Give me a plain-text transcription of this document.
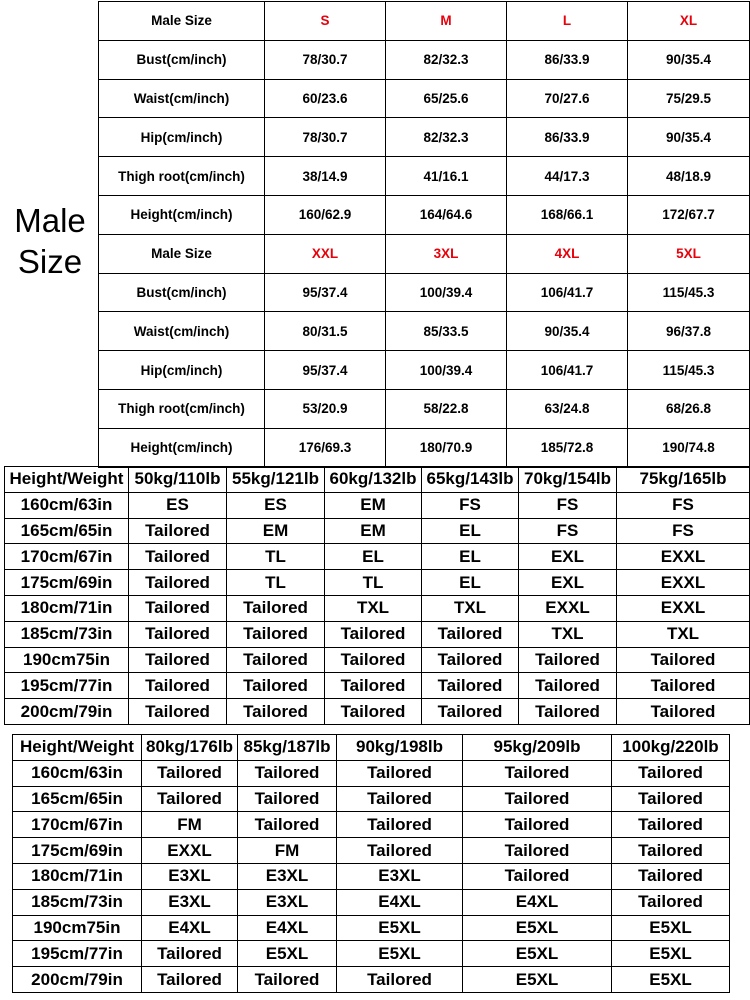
Male
Size
Male Size	S	M	L	XL
Bust(cm/inch)	78/30.7	82/32.3	86/33.9	90/35.4
Waist(cm/inch)	60/23.6	65/25.6	70/27.6	75/29.5
Hip(cm/inch)	78/30.7	82/32.3	86/33.9	90/35.4
Thigh root(cm/inch)	38/14.9	41/16.1	44/17.3	48/18.9
Height(cm/inch)	160/62.9	164/64.6	168/66.1	172/67.7
Male Size	XXL	3XL	4XL	5XL
Bust(cm/inch)	95/37.4	100/39.4	106/41.7	115/45.3
Waist(cm/inch)	80/31.5	85/33.5	90/35.4	96/37.8
Hip(cm/inch)	95/37.4	100/39.4	106/41.7	115/45.3
Thigh root(cm/inch)	53/20.9	58/22.8	63/24.8	68/26.8
Height(cm/inch)	176/69.3	180/70.9	185/72.8	190/74.8
Height/Weight	50kg/110lb	55kg/121lb	60kg/132lb	65kg/143lb	70kg/154lb	75kg/165lb
160cm/63in	ES	ES	EM	FS	FS	FS
165cm/65in	Tailored	EM	EM	EL	FS	FS
170cm/67in	Tailored	TL	EL	EL	EXL	EXXL
175cm/69in	Tailored	TL	TL	EL	EXL	EXXL
180cm/71in	Tailored	Tailored	TXL	TXL	EXXL	EXXL
185cm/73in	Tailored	Tailored	Tailored	Tailored	TXL	TXL
190cm75in	Tailored	Tailored	Tailored	Tailored	Tailored	Tailored
195cm/77in	Tailored	Tailored	Tailored	Tailored	Tailored	Tailored
200cm/79in	Tailored	Tailored	Tailored	Tailored	Tailored	Tailored
Height/Weight	80kg/176lb	85kg/187lb	90kg/198lb	95kg/209lb	100kg/220lb
160cm/63in	Tailored	Tailored	Tailored	Tailored	Tailored
165cm/65in	Tailored	Tailored	Tailored	Tailored	Tailored
170cm/67in	FM	Tailored	Tailored	Tailored	Tailored
175cm/69in	EXXL	FM	Tailored	Tailored	Tailored
180cm/71in	E3XL	E3XL	E3XL	Tailored	Tailored
185cm/73in	E3XL	E3XL	E4XL	E4XL	Tailored
190cm75in	E4XL	E4XL	E5XL	E5XL	E5XL
195cm/77in	Tailored	E5XL	E5XL	E5XL	E5XL
200cm/79in	Tailored	Tailored	Tailored	E5XL	E5XL
